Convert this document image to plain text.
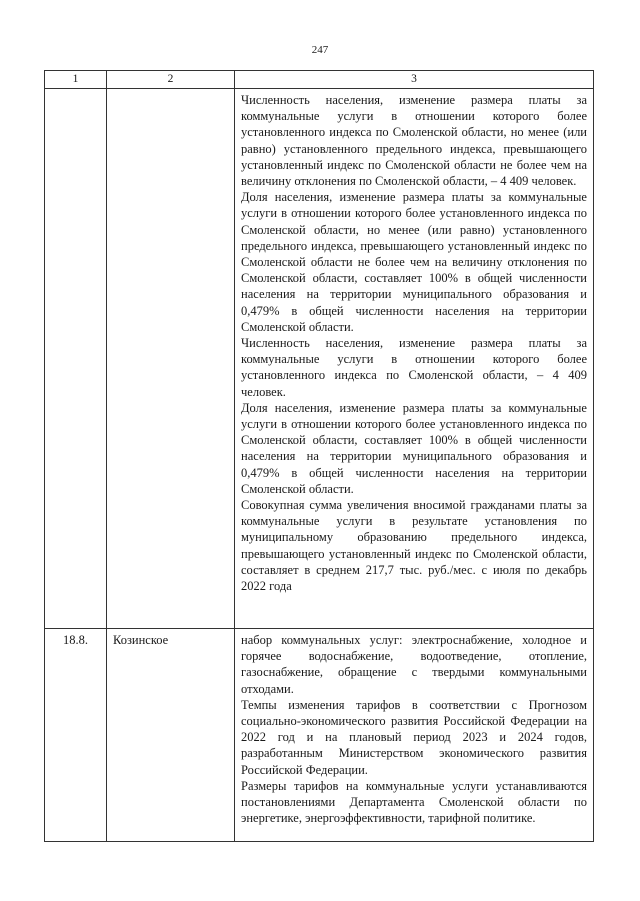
247
1	2	3

		Численность населения, изменение размера платы за коммунальные услуги в отношении которого более установленного индекса по Смоленской области, но менее (или равно) установленного предельного индекса, превышающего установленный индекс по Смоленской области не более чем на величину отклонения по Смоленской области, – 4 409 человек.

Доля населения, изменение размера платы за коммунальные услуги в отношении которого более установленного индекса по Смоленской области, но менее (или равно) установленного предельного индекса, превышающего установленный индекс по Смоленской области не более чем на величину отклонения по Смоленской области, составляет 100% в общей численности населения на территории муниципального образования и 0,479% в общей численности населения на территории Смоленской области.

Численность населения, изменение размера платы за коммунальные услуги в отношении которого более установленного индекса по Смоленской области, – 4 409 человек.

Доля населения, изменение размера платы за коммунальные услуги в отношении которого более установленного индекса по Смоленской области, составляет 100% в общей численности населения на территории муниципального образования и 0,479% в общей численности населения на территории Смоленской области.

Совокупная сумма увеличения вносимой гражданами платы за коммунальные услуги в результате установления по муниципальному образованию предельного индекса, превышающего установленный индекс по Смоленской области, составляет в среднем 217,7 тыс. руб./мес. с июля по декабрь 2022 года

18.8.	Козинское	набор коммунальных услуг: электроснабжение, холодное и горячее водоснабжение, водоотведение, отопление, газоснабжение, обращение с твердыми коммунальными отходами.

Темпы изменения тарифов в соответствии с Прогнозом социально-экономического развития Российской Федерации на 2022 год и на плановый период 2023 и 2024 годов, разработанным Министерством экономического развития Российской Федерации.

Размеры тарифов на коммунальные услуги устанавливаются постановлениями Департамента Смоленской области по энергетике, энергоэффективности, тарифной политике.
